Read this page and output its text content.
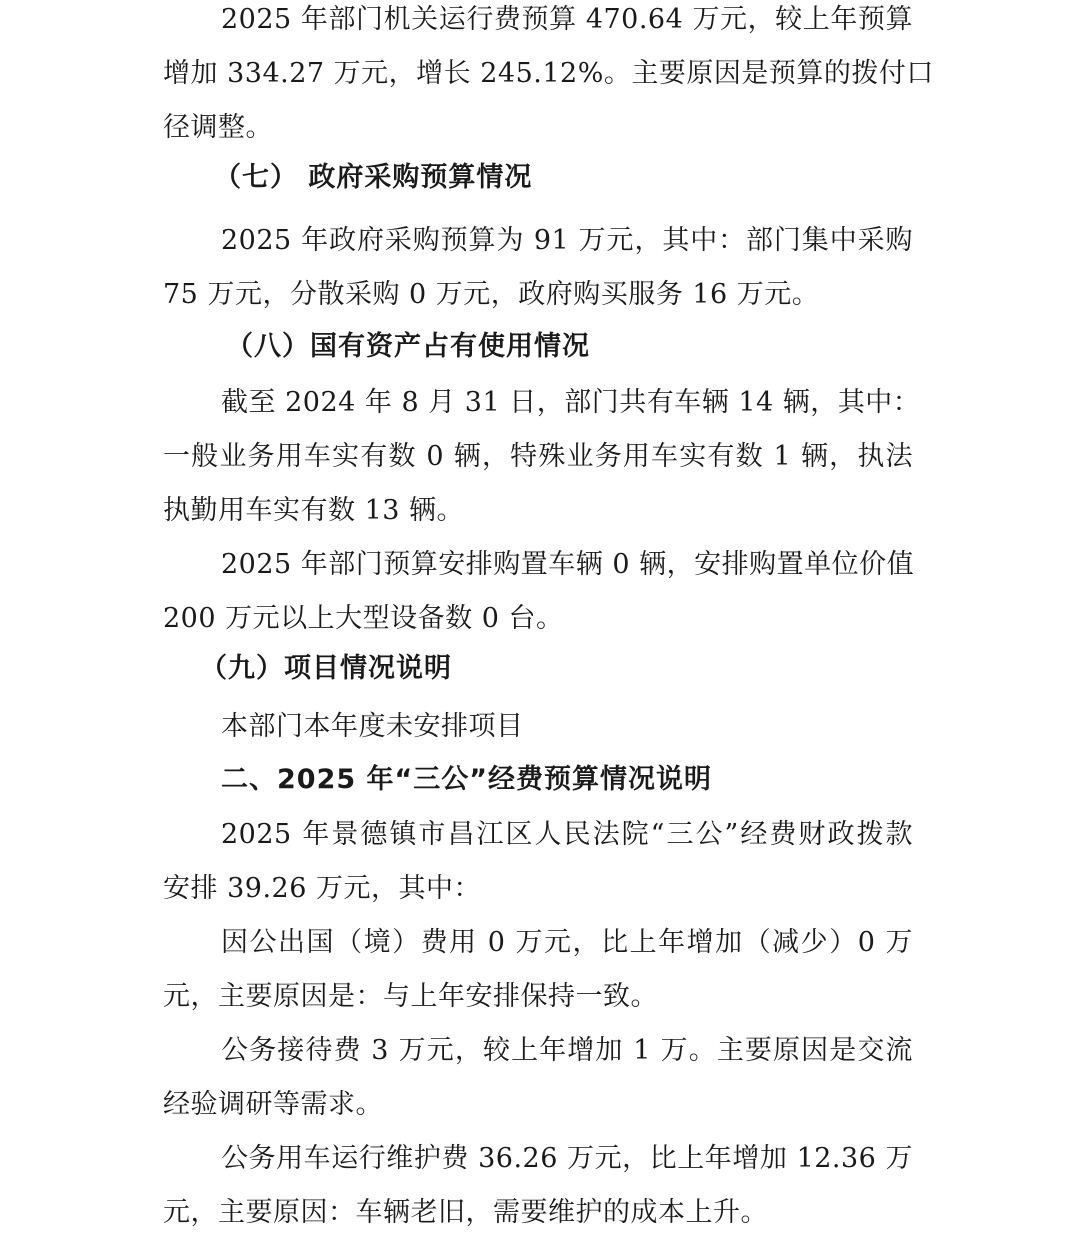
2025 年部门机关运行费预算 470.64 万元，较上年预算
增加 334.27 万元，增长 245.12%。主要原因是预算的拨付口
径调整。
（七） 政府采购预算情况
2025 年政府采购预算为 91 万元，其中：部门集中采购
75 万元，分散采购 0 万元，政府购买服务 16 万元。
（八）国有资产占有使用情况
截至 2024 年 8 月 31 日，部门共有车辆 14 辆，其中：
一般业务用车实有数 0 辆，特殊业务用车实有数 1 辆，执法
执勤用车实有数 13 辆。
2025 年部门预算安排购置车辆 0 辆，安排购置单位价值
200 万元以上大型设备数 0 台。
（九）项目情况说明
本部门本年度未安排项目
二、2025 年“三公”经费预算情况说明
2025 年景德镇市昌江区人民法院“三公”经费财政拨款
安排 39.26 万元，其中：
因公出国（境）费用 0 万元，比上年增加（减少）0 万
元，主要原因是：与上年安排保持一致。
公务接待费 3 万元，较上年增加 1 万。主要原因是交流
经验调研等需求。
公务用车运行维护费 36.26 万元，比上年增加 12.36 万
元，主要原因：车辆老旧，需要维护的成本上升。
